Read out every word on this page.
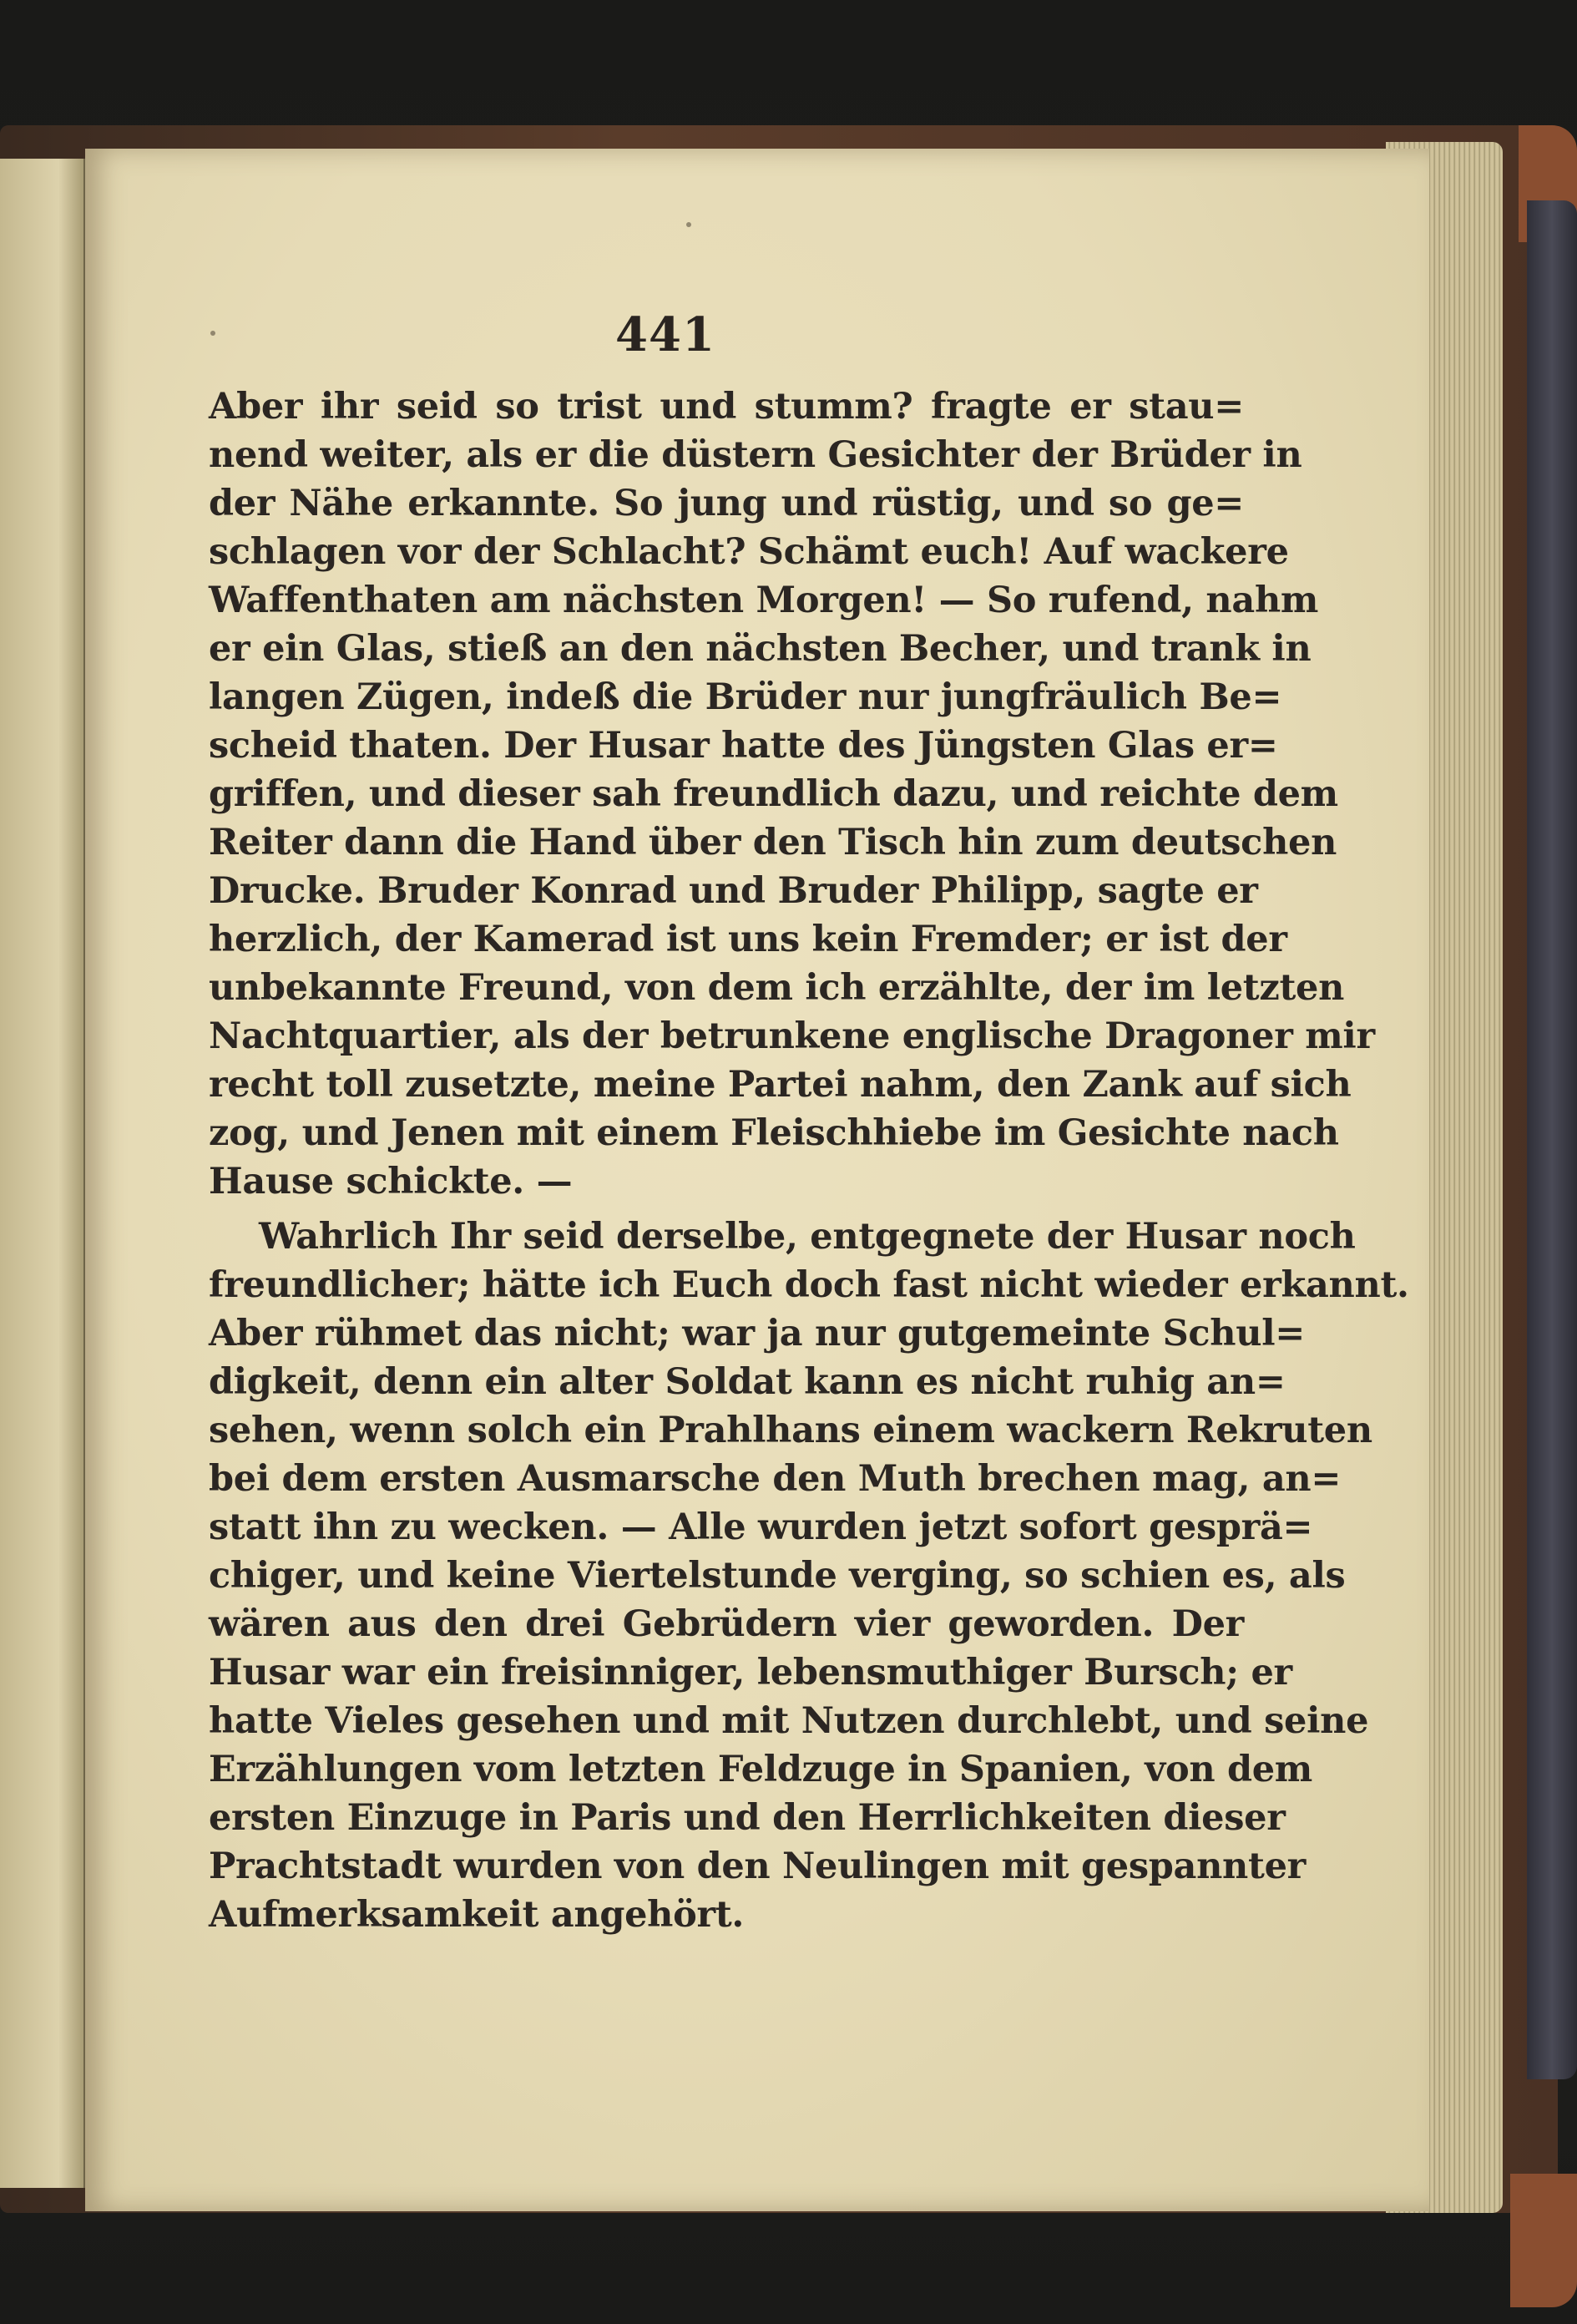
441
Aber ihr seid so trist und stumm? fragte er stau=
nend weiter, als er die düstern Gesichter der Brüder in
der Nähe erkannte. So jung und rüstig, und so ge=
schlagen vor der Schlacht? Schämt euch! Auf wackere
Waffenthaten am nächsten Morgen! — So rufend, nahm
er ein Glas, stieß an den nächsten Becher, und trank in
langen Zügen, indeß die Brüder nur jungfräulich Be=
scheid thaten. Der Husar hatte des Jüngsten Glas er=
griffen, und dieser sah freundlich dazu, und reichte dem
Reiter dann die Hand über den Tisch hin zum deutschen
Drucke. Bruder Konrad und Bruder Philipp, sagte er
herzlich, der Kamerad ist uns kein Fremder; er ist der
unbekannte Freund, von dem ich erzählte, der im letzten
Nachtquartier, als der betrunkene englische Dragoner mir
recht toll zusetzte, meine Partei nahm, den Zank auf sich
zog, und Jenen mit einem Fleischhiebe im Gesichte nach
Hause schickte. —
Wahrlich Ihr seid derselbe, entgegnete der Husar noch
freundlicher; hätte ich Euch doch fast nicht wieder erkannt.
Aber rühmet das nicht; war ja nur gutgemeinte Schul=
digkeit, denn ein alter Soldat kann es nicht ruhig an=
sehen, wenn solch ein Prahlhans einem wackern Rekruten
bei dem ersten Ausmarsche den Muth brechen mag, an=
statt ihn zu wecken. — Alle wurden jetzt sofort gesprä=
chiger, und keine Viertelstunde verging, so schien es, als
wären aus den drei Gebrüdern vier geworden. Der
Husar war ein freisinniger, lebensmuthiger Bursch; er
hatte Vieles gesehen und mit Nutzen durchlebt, und seine
Erzählungen vom letzten Feldzuge in Spanien, von dem
ersten Einzuge in Paris und den Herrlichkeiten dieser
Prachtstadt wurden von den Neulingen mit gespannter
Aufmerksamkeit angehört.
